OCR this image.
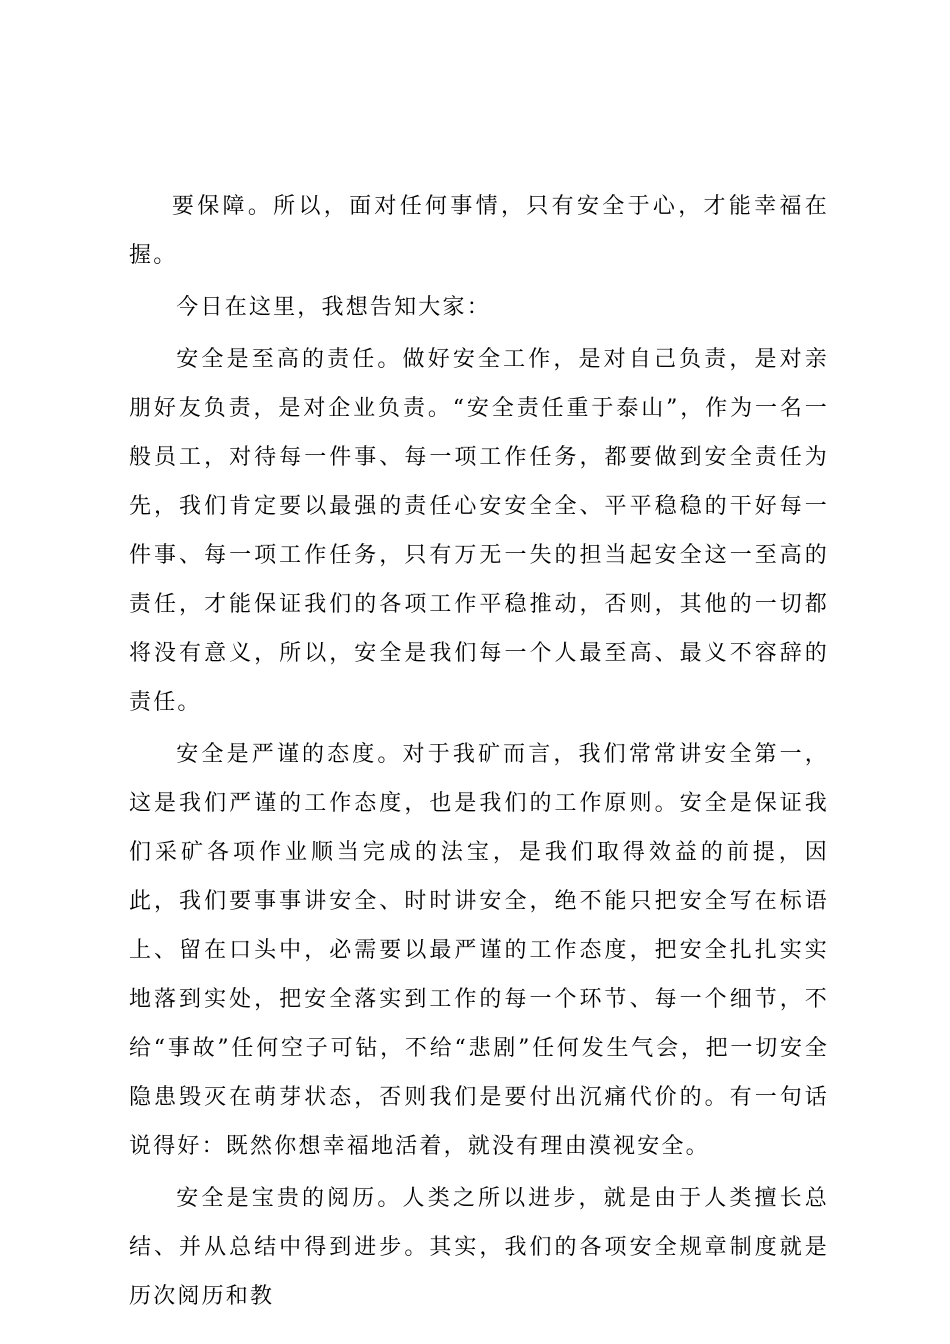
要保障。所以，面对任何事情，只有安全于心，才能幸福在握。

今日在这里，我想告知大家：

安全是至高的责任。做好安全工作，是对自己负责，是对亲朋好友负责，是对企业负责。“安全责任重于泰山”，作为一名一般员工，对待每一件事、每一项工作任务，都要做到安全责任为先，我们肯定要以最强的责任心安安全全、平平稳稳的干好每一件事、每一项工作任务，只有万无一失的担当起安全这一至高的责任，才能保证我们的各项工作平稳推动，否则，其他的一切都将没有意义，所以，安全是我们每一个人最至高、最义不容辞的责任。

安全是严谨的态度。对于我矿而言，我们常常讲安全第一，这是我们严谨的工作态度，也是我们的工作原则。安全是保证我们采矿各项作业顺当完成的法宝，是我们取得效益的前提，因此，我们要事事讲安全、时时讲安全，绝不能只把安全写在标语上、留在口头中，必需要以最严谨的工作态度，把安全扎扎实实地落到实处，把安全落实到工作的每一个环节、每一个细节，不给“事故”任何空子可钻，不给“悲剧”任何发生气会，把一切安全隐患毁灭在萌芽状态，否则我们是要付出沉痛代价的。有一句话说得好：既然你想幸福地活着，就没有理由漠视安全。

安全是宝贵的阅历。人类之所以进步，就是由于人类擅长总结、并从总结中得到进步。其实，我们的各项安全规章制度就是历次阅历和教
